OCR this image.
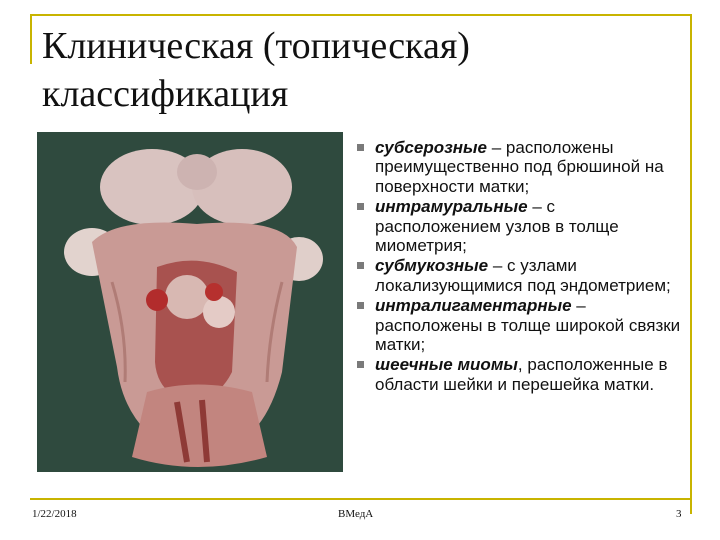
Клиническая (топическая)
классификация
субсерозные – расположены преимущественно под брюшиной на поверхности матки;
интрамуральные – с расположением узлов в толще миометрия;
субмукозные – с узлами локализующимися под эндометрием;
интралигаментарные – расположены в толще широкой связки матки;
шеечные миомы, расположенные в области шейки и перешейка матки.
1/22/2018	ВМедА	3
